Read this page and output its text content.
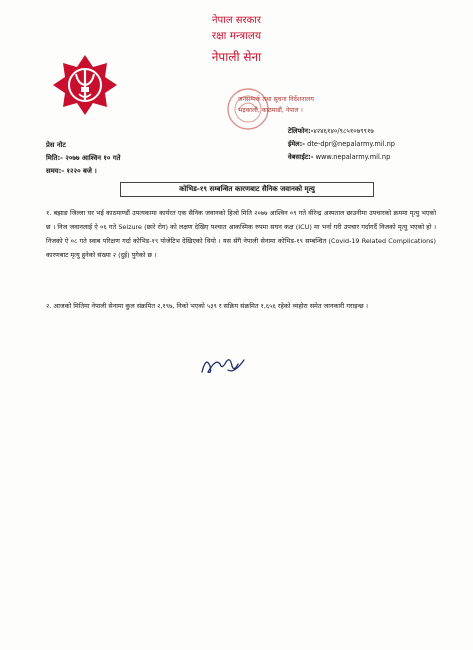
नेपाल सरकार
रक्षा मन्त्रालय
नेपाली सेना
जनसम्पर्क तथा सूचना निर्देशनालय
भद्रकाली, काठमाडौं, नेपाल ।
टेलिफोन:-४२४६१४०/९८५१०७९९१७
ईमेल:- dte-dpr@nepalarmy.mil.np
वेबसाईट:- www.nepalarmy.mil.np
प्रेस नोट
मिति:- २०७७ आश्विन १० गते
समय:- १२२० बजे ।
कोभिड-१९ सम्बन्धित कारणबाट सैनिक जवानको मृत्यु
१. बझाङ जिल्ला घर भई काठमाण्डौं उपत्यकामा कार्यरत एक सैनिक जवानको हिजो मिति २०७७ आश्विन ०९ गते वीरेन्द्र अस्पताल छाउनीमा उपचारको क्रममा मृत्यु भएको छ । निज जवानलाई ऐ ०६ गते Seizure (छारे रोग) को लक्षण देखिए पश्चात आकस्मिक रुपमा सघन कक्ष (ICU) मा भर्ना गरी उपचार गर्दागर्दै निजको मृत्यु भएको हो । निजको ऐ ०८ गते स्वाब परिक्षण गर्दा कोभिड-१९ पोजेटिभ देखिएको थियो । यस सँगै नेपाली सेनामा कोभिड-१९ सम्बन्धित (Covid-19 Related Complications) कारणबाट मृत्यु हुनेको संख्या २ (दुई) पुगेको छ ।
२. आजको मितिमा नेपाली सेनामा कुल संक्रमित २,१९७, निको भएको ५३९ र सक्रिय संक्रमित १,६५६ रहेको व्यहोरा समेत जानकारी गराइन्छ ।
